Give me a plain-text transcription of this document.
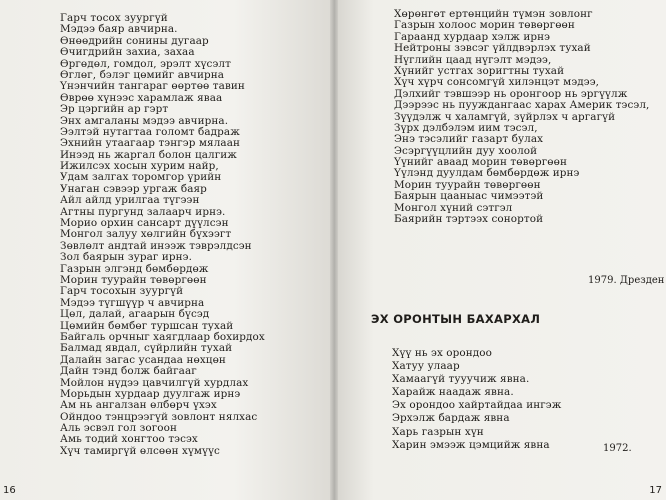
Гарч тосох зуургүй
Мэдээ баяр авчирна.
Өнөөдрийн сонины дугаар
Өчигдрийн захиа, захаа
Өргөдөл, гомдол, эрэлт хүсэлт
Өглөг, бэлэг цөмийг авчирна
Үнэнчийн тангараг өөртөө тавин
Өврөө хүнээс харамлаж яваа
Эр цэргийн ар гэрт
Энх амгаланы мэдээ авчирна.
Ээлтэй нутагтаа голомт бадраж
Эхнийн утаагаар тэнгэр мялаан
Инээд нь жаргал болон цалгиж
Ижилсэх хосын хурим найр,
Удам залгах торомгор үрийн
Унаган сэвээр ургаж баяр
Айл айлд урилгаа түгээн
Агтны пургунд залаарч ирнэ.
Морио орхин сансарт дүүлсэн
Монгол залуу хөлгийн бүхээгт
Зөвлөлт андтай инээж тэврэлдсэн
Зол баярын зураг ирнэ.
Газрын элгэнд бөмбөрдөж
Морин туурайн төвөргөөн
Гарч тосохын зуургүй
Мэдээ түгшүүр ч авчирна
Цөл, далай, агаарын бүсэд
Цөмийн бөмбөг туршсан тухай
Байгаль орчныг хаягдлаар бохирдох
Балмад явдал, сүйрлийн тухай
Далайн загас усандаа нөхцөн
Дайн тэнд болж байгааг
Мойлон нүдээ цавчилгүй хурдлах
Морьдын хурдаар дуулгаж ирнэ
Ам нь ангалзан өлбөрч үхэх
Ойндоо тэнцрээгүй зовлонт нялхас
Аль эсвэл гол зогоон
Амь тодий хонгтоо тэсэх
Хүч тамиргүй өлсөөн хүмүүс
16
Хөрөнгөт ертөнцийн түмэн зовлонг
Газрын холоос морин төвөргөөн
Гараанд хурдаар хэлж ирнэ
Нейтроны зэвсэг үйлдвэрлэх тухай
Нүглийн цаад нүгэлт мэдээ,
Хүнийг устгах зоригтны тухай
Хүч хүрч сонсомгүй хилэнцэт мэдээ,
Дэлхийг тэвшээр нь оронгоор нь эргүүлж
Дээрээс нь пууждангаас харах Америк тэсэл,
Зүүдэлж ч халамгүй, зүйрлэх ч аргагүй
Зүрх дэлбэлэм иим тэсэл,
Энэ тэсэлийг газарт булах
Эсэргүүцлийн дуу хоолой
Үүнийг аваад морин төвөргөөн
Үүлэнд дуулдам бөмбөрдөж ирнэ
Морин туурайн төвөргөөн
Баярын цааныас чимээтэй
Монгол хүний сэтгэл
Баярийн тэртээх сонортой
1979. Дрезден
ЭХ ОРОНТЫН БАХАРХАЛ
Хүү нь эх орондоо
Хатуу улаар
Хамаагүй тууучиж явна.
Харайж наадаж явна.
Эх орондоо хайртайдаа ингэж
Эрхэлж бардаж явна
Харь газрын хүн
Харин эмээж цэмцийж явна	1972.
17
